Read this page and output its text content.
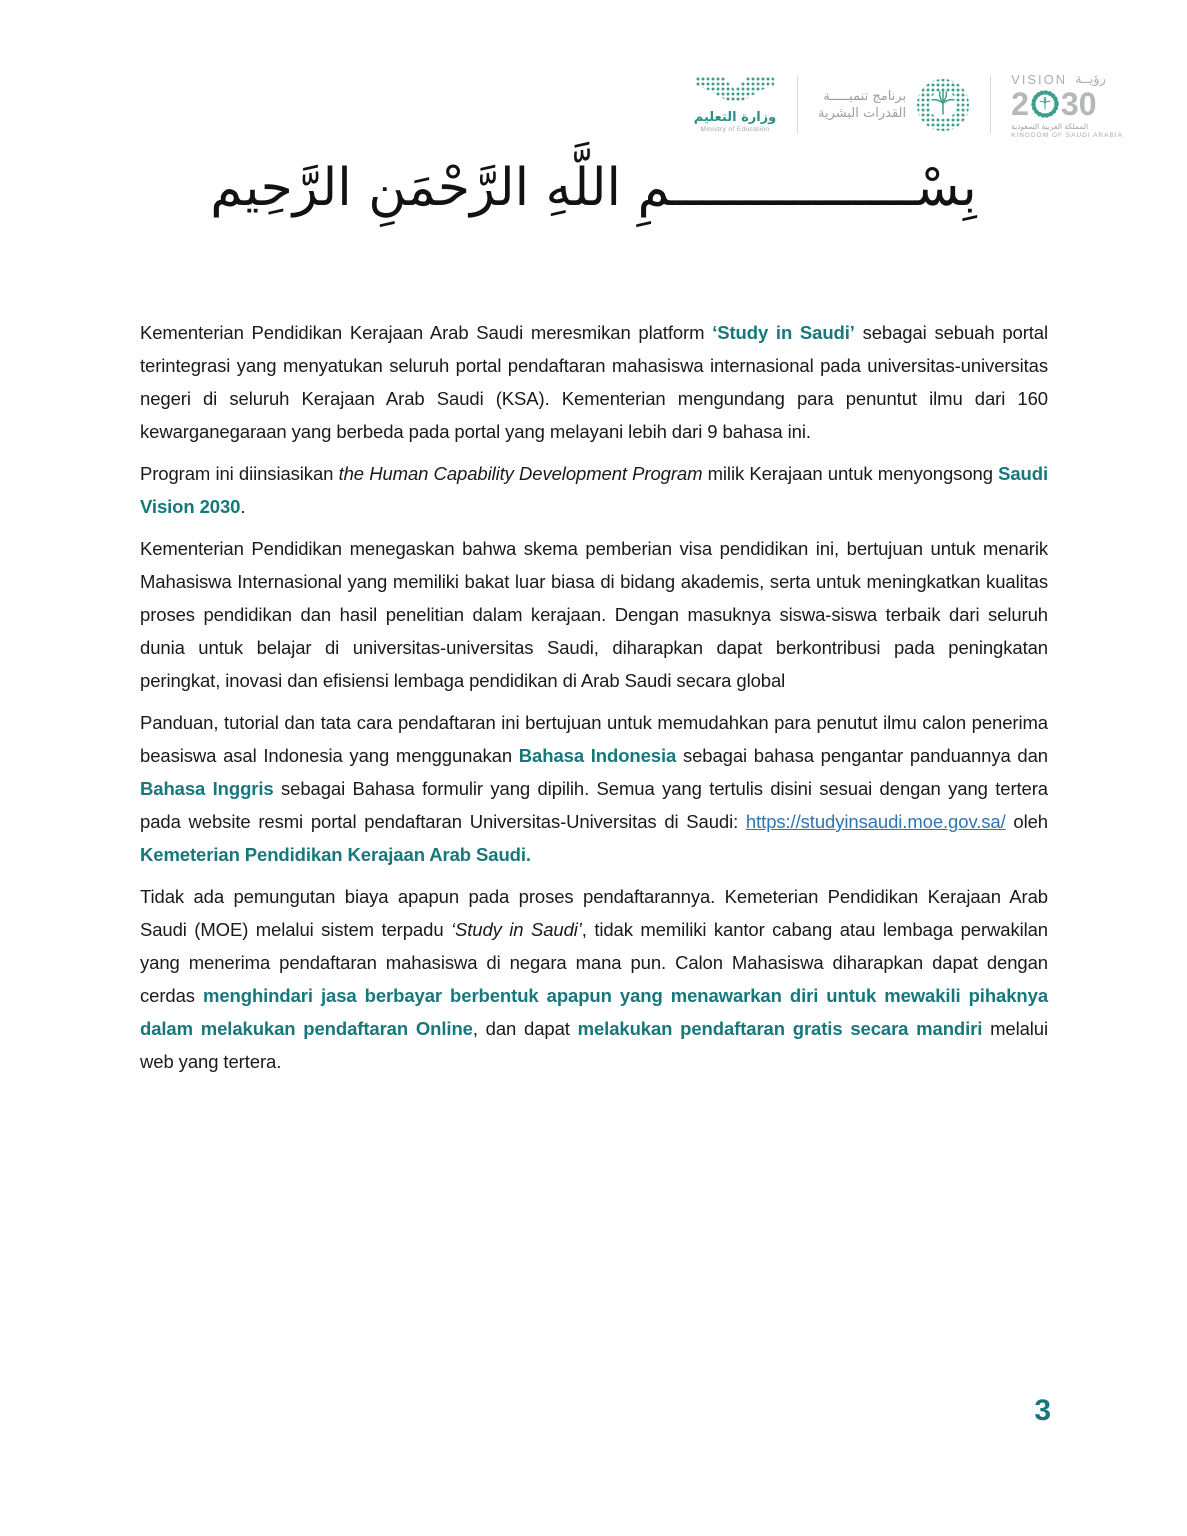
وزارة التعليم
Ministry of Education
برنامج تنميـــــة
القدرات البشرية
VISION رؤيــة
2 30
المملكة العربية السعودية
KINGDOM OF SAUDI ARABIA
بِسْــــــــــــــــمِ اللَّهِ الرَّحْمَنِ الرَّحِيم

Kementerian Pendidikan Kerajaan Arab Saudi meresmikan platform ‘Study in Saudi’ sebagai sebuah portal terintegrasi yang menyatukan seluruh portal pendaftaran mahasiswa internasional pada universitas-universitas negeri di seluruh Kerajaan Arab Saudi (KSA). Kementerian mengundang para penuntut ilmu dari 160 kewarganegaraan yang berbeda pada portal yang melayani lebih dari 9 bahasa ini.

Program ini diinsiasikan the Human Capability Development Program milik Kerajaan untuk menyongsong Saudi Vision 2030.

Kementerian Pendidikan menegaskan bahwa skema pemberian visa pendidikan ini, bertujuan untuk menarik Mahasiswa Internasional yang memiliki bakat luar biasa di bidang akademis, serta untuk meningkatkan kualitas proses pendidikan dan hasil penelitian dalam kerajaan. Dengan masuknya siswa-siswa terbaik dari seluruh dunia untuk belajar di universitas-universitas Saudi, diharapkan dapat berkontribusi pada peningkatan peringkat, inovasi dan efisiensi lembaga pendidikan di Arab Saudi secara global

Panduan, tutorial dan tata cara pendaftaran ini bertujuan untuk memudahkan para penutut ilmu calon penerima beasiswa asal Indonesia yang menggunakan Bahasa Indonesia sebagai bahasa pengantar panduannya dan Bahasa Inggris sebagai Bahasa formulir yang dipilih. Semua yang tertulis disini sesuai dengan yang tertera pada website resmi portal pendaftaran Universitas-Universitas di Saudi: https://studyinsaudi.moe.gov.sa/ oleh Kemeterian Pendidikan Kerajaan Arab Saudi.

Tidak ada pemungutan biaya apapun pada proses pendaftarannya. Kemeterian Pendidikan Kerajaan Arab Saudi (MOE) melalui sistem terpadu ‘Study in Saudi’, tidak memiliki kantor cabang atau lembaga perwakilan yang menerima pendaftaran mahasiswa di negara mana pun. Calon Mahasiswa diharapkan dapat dengan cerdas menghindari jasa berbayar berbentuk apapun yang menawarkan diri untuk mewakili pihaknya dalam melakukan pendaftaran Online, dan dapat melakukan pendaftaran gratis secara mandiri melalui web yang tertera.

3
